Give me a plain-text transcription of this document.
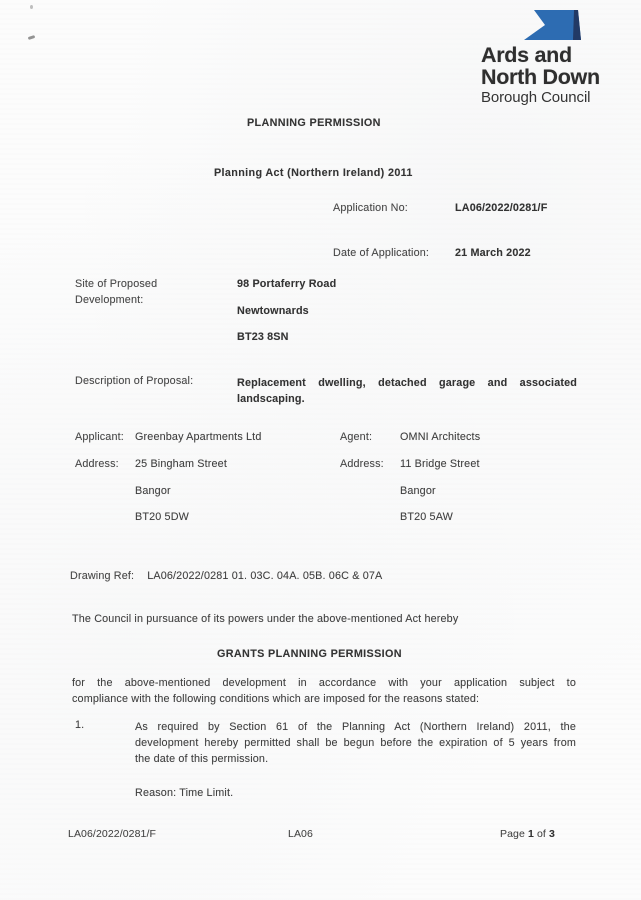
Ards and
North Down
Borough Council
PLANNING PERMISSION
Planning Act (Northern Ireland) 2011
Application No:	LA06/2022/0281/F
Date of Application: 21 March 2022
Site of Proposed
Development:
98 Portaferry Road
Newtownards
BT23 8SN
Description of Proposal:	Replacement dwelling, detached garage and associated
landscaping.
Applicant: Greenbay Apartments Ltd	Agent:	OMNI Architects
Address: 25 Bingham Street	Address: 11 Bridge Street
Bangor	Bangor
BT20 5DW	BT20 5AW
Drawing Ref: LA06/2022/0281 01. 03C. 04A. 05B. 06C & 07A
The Council in pursuance of its powers under the above-mentioned Act hereby
GRANTS PLANNING PERMISSION
for the above-mentioned development in accordance with your application subject to
compliance with the following conditions which are imposed for the reasons stated:
1.	As required by Section 61 of the Planning Act (Northern Ireland) 2011, the
development hereby permitted shall be begun before the expiration of 5 years from
the date of this permission.
Reason: Time Limit.
LA06/2022/0281/F	LA06	Page 1 of 3
